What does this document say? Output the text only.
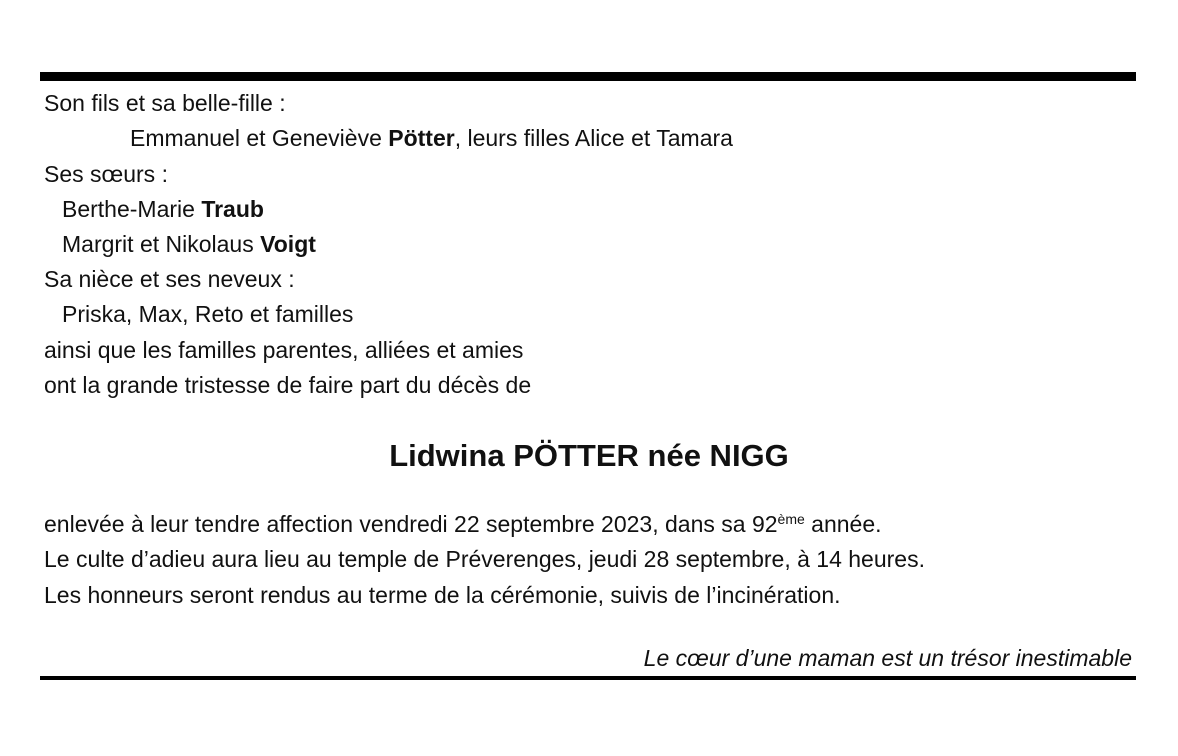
Son fils et sa belle-fille :
Emmanuel et Geneviève Pötter, leurs filles Alice et Tamara
Ses sœurs :
Berthe-Marie Traub
Margrit et Nikolaus Voigt
Sa nièce et ses neveux :
Priska, Max, Reto et familles
ainsi que les familles parentes, alliées et amies
ont la grande tristesse de faire part du décès de
Lidwina PÖTTER née NIGG
enlevée à leur tendre affection vendredi 22 septembre 2023, dans sa 92ème année.
Le culte d’adieu aura lieu au temple de Préverenges, jeudi 28 septembre, à 14 heures.
Les honneurs seront rendus au terme de la cérémonie, suivis de l’incinération.
Le cœur d’une maman est un trésor inestimable
